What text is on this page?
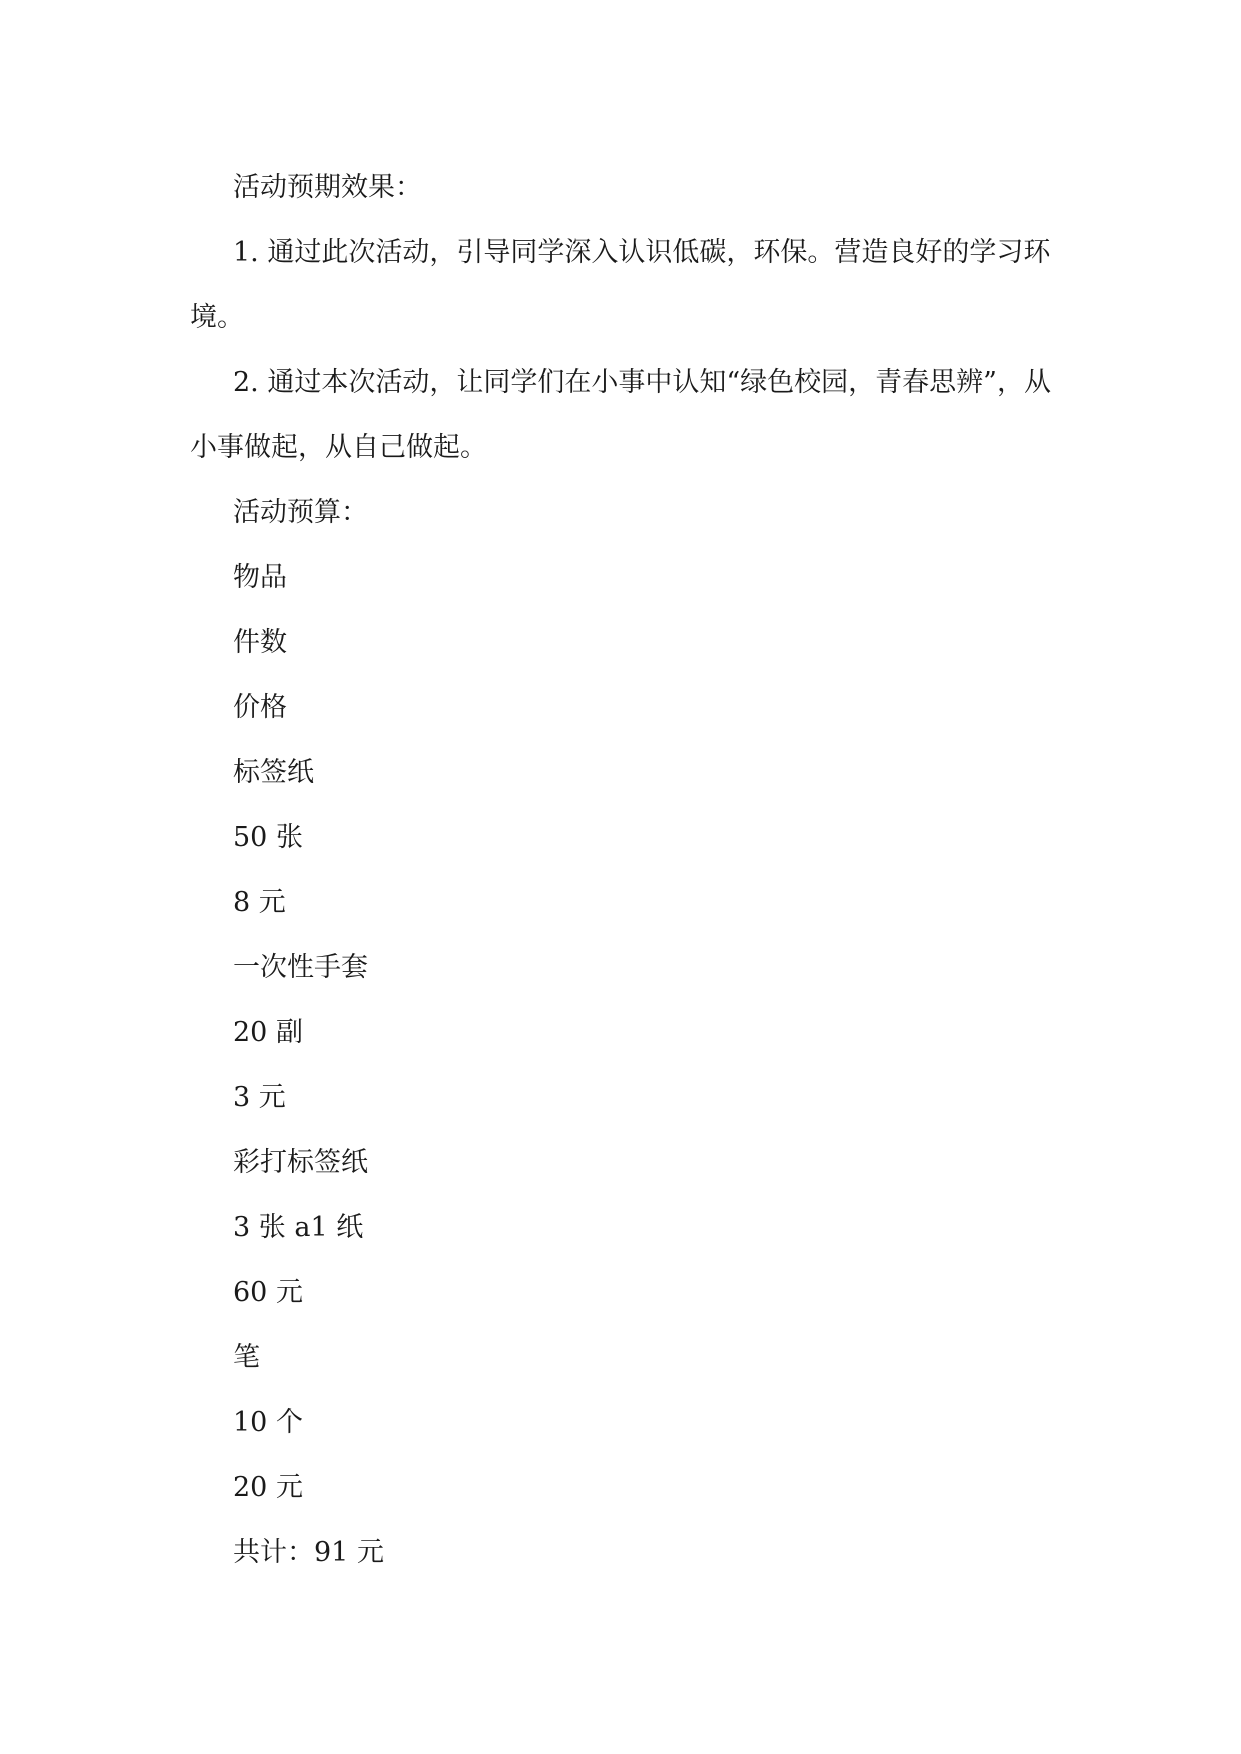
活动预期效果：

1. 通过此次活动，引导同学深入认识低碳，环保。营造良好的学习环境。

2. 通过本次活动，让同学们在小事中认知“绿色校园，青春思辨”，从小事做起，从自己做起。

活动预算：

物品

件数

价格

标签纸

50 张

8 元

一次性手套

20 副

3 元

彩打标签纸

3 张 a1 纸

60 元

笔

10 个

20 元

共计：91 元
